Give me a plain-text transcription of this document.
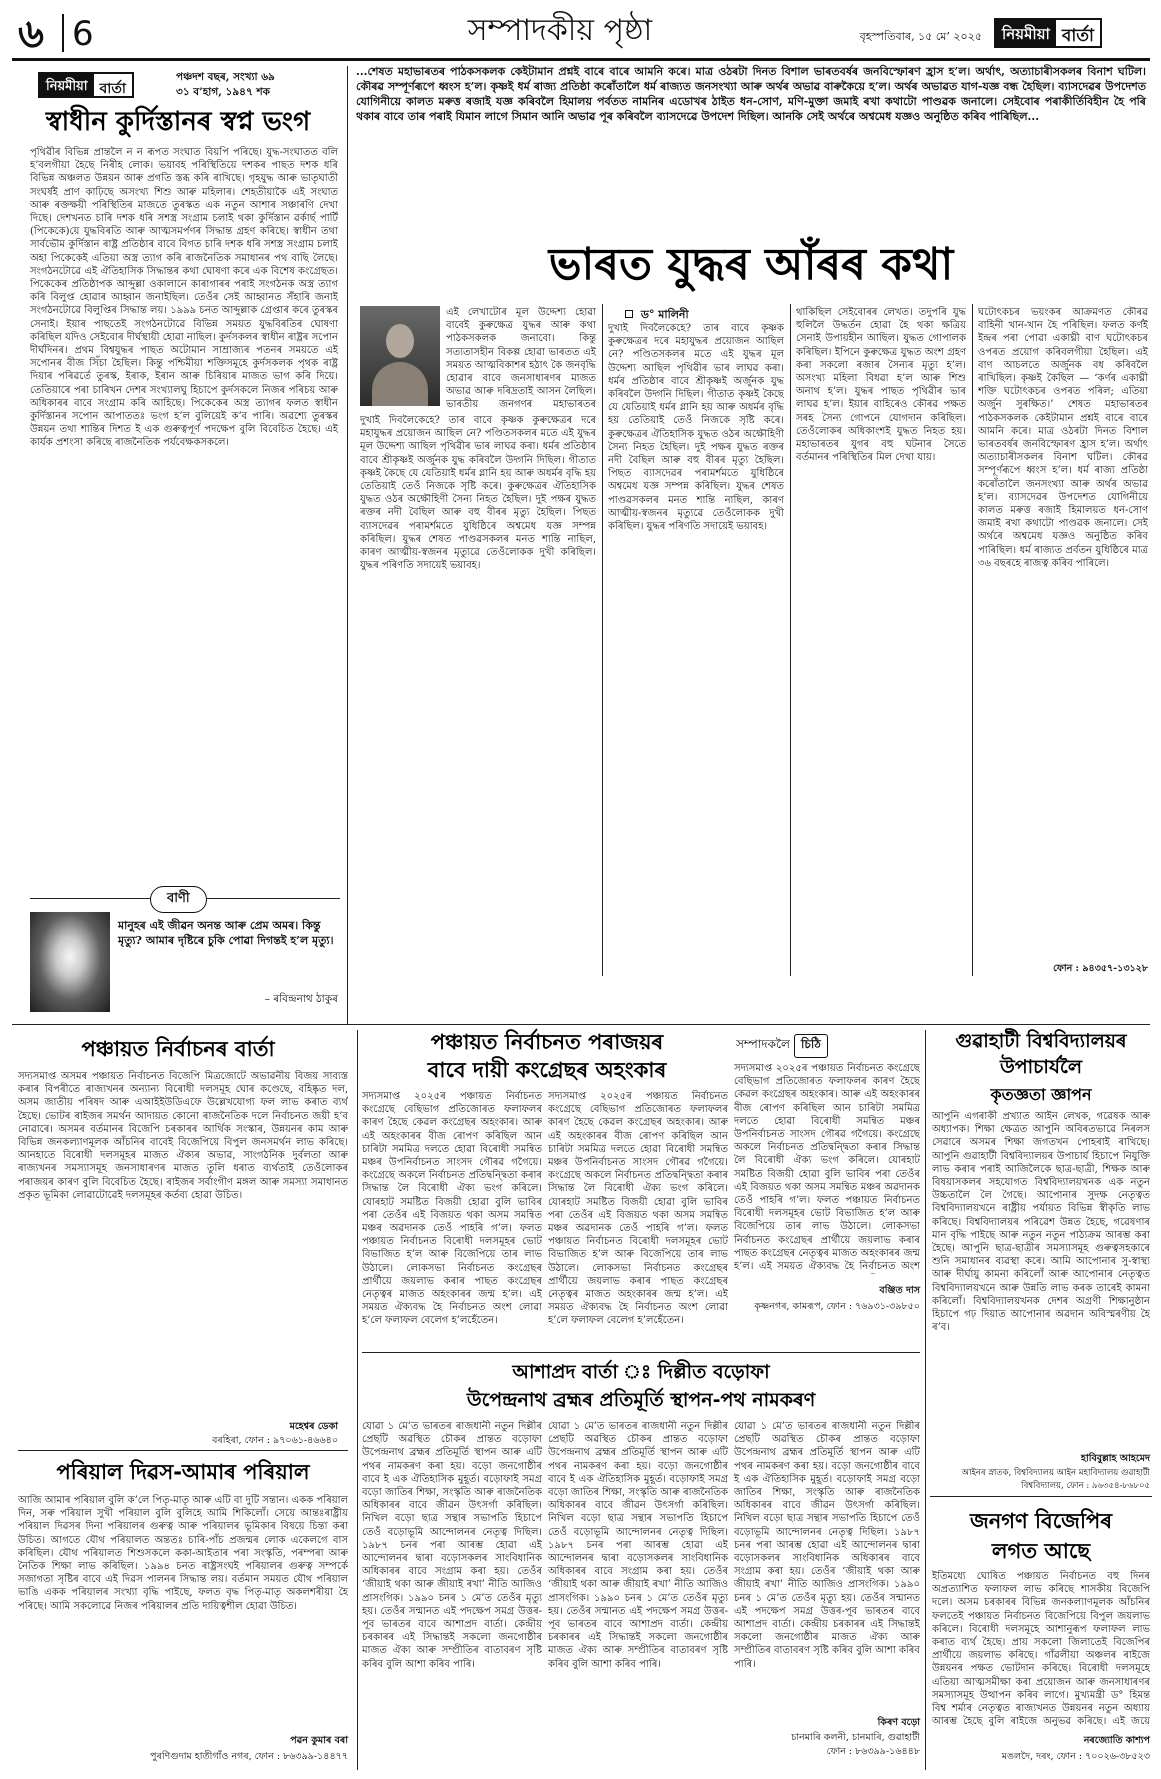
৬ 6	সম্পাদকীয় পৃষ্ঠা	বৃহস্পতিবাৰ, ১৫ মে’ ২০২৫	নিয়মীয়া বাৰ্তা
নিয়মীয়া বাৰ্তা
পঞ্চদশ বছৰ, সংখ্যা ৬৯
৩১ ব’হাগ, ১৯৪৭ শক
স্বাধীন কুৰ্দিস্তানৰ স্বপ্ন ভংগ
পৃথিৱীৰ বিভিন্ন প্ৰান্তলৈ ন ন ৰূপত সংঘাত বিয়পি পৰিছে। যুদ্ধ-সংঘাতত বলি হ’বলগীয়া হৈছে নিৰীহ লোক। ভয়াবহ পৰিস্থিতিয়ে দশকৰ পাছত দশক ধৰি বিভিন্ন অঞ্চলত উন্নয়ন আৰু প্ৰগতি স্তব্ধ কৰি ৰাখিছে। গৃহযুদ্ধ আৰু ভাতৃঘাতী সংঘৰ্ষই প্ৰাণ কাঢ়িছে অসংখ্য শিশু আৰু মহিলাৰ। শেহতীয়াকৈ এই সংঘাত আৰু ৰক্তক্ষয়ী পৰিস্থিতিৰ মাজতে তুৰস্কত এক নতুন আশাৰ সঞ্চাৰণি দেখা দিছে। দেশখনত চাৰি দশক ধৰি সশস্ত্ৰ সংগ্ৰাম চলাই থকা কুৰ্দিস্তান ৱৰ্কাৰ্ছ পাৰ্টি (পিকেকে)য়ে যুদ্ধবিৰতি আৰু আত্মসমৰ্পণৰ সিদ্ধান্ত গ্ৰহণ কৰিছে। স্বাধীন তথা সাৰ্বভৌম কুৰ্দিস্তান ৰাষ্ট্ৰ প্ৰতিষ্ঠাৰ বাবে বিগত চাৰি দশক ধৰি সশস্ত্ৰ সংগ্ৰাম চলাই অহা পিকেকেই এতিয়া অস্ত্ৰ ত্যাগ কৰি ৰাজনৈতিক সমাধানৰ পথ বাছি লৈছে। সংগঠনটোৱে এই ঐতিহাসিক সিদ্ধান্তৰ কথা ঘোষণা কৰে এক বিশেষ কংগ্ৰেছত। পিকেকেৰ প্ৰতিষ্ঠাপক আব্দুল্লা ওকালানে কাৰাগাৰৰ পৰাই সংগঠনক অস্ত্ৰ ত্যাগ কৰি বিলুপ্ত হোৱাৰ আহ্বান জনাইছিল। তেওঁৰ সেই আহ্বানত সঁহাৰি জনাই সংগঠনটোৱে বিলুপ্তিৰ সিদ্ধান্ত লয়। ১৯৯৯ চনত আব্দুল্লাক গ্ৰেপ্তাৰ কৰে তুৰস্কৰ সেনাই। ইয়াৰ পাছতেই সংগঠনটোৱে বিভিন্ন সময়ত যুদ্ধবিৰতিৰ ঘোষণা কৰিছিল যদিও সেইবোৰ দীৰ্ঘস্থায়ী হোৱা নাছিল। কুৰ্দসকলৰ স্বাধীন ৰাষ্ট্ৰৰ সপোন দীৰ্ঘদিনৰ। প্ৰথম বিশ্বযুদ্ধৰ পাছত অটোমান সাম্ৰাজ্যৰ পতনৰ সময়তে এই সপোনৰ বীজ সিঁচা হৈছিল। কিন্তু পশ্চিমীয়া শক্তিসমূহে কুৰ্দসকলক পৃথক ৰাষ্ট্ৰ দিয়াৰ পৰিৱৰ্তে তুৰস্ক, ইৰাক, ইৰান আৰু চিৰিয়াৰ মাজত ভাগ কৰি দিয়ে। তেতিয়াৰে পৰা চাৰিখন দেশৰ সংখ্যালঘু হিচাপে কুৰ্দসকলে নিজৰ পৰিচয় আৰু অধিকাৰৰ বাবে সংগ্ৰাম কৰি আহিছে। পিকেকেৰ অস্ত্ৰ ত্যাগৰ ফলত স্বাধীন কুৰ্দিস্তানৰ সপোন আপাততঃ ভংগ হ’ল বুলিয়েই ক’ব পাৰি। অৱশ্যে তুৰস্কৰ উন্নয়ন তথা শান্তিৰ দিশত ই এক গুৰুত্বপূৰ্ণ পদক্ষেপ বুলি বিবেচিত হৈছে। এই কাৰ্যক প্ৰশংসা কৰিছে ৰাজনৈতিক পৰ্যবেক্ষকসকলে।
বাণী
মানুহৰ এই জীৱন অনন্ত আৰু প্ৰেম অমৰ। কিন্তু মৃত্যু? আমাৰ দৃষ্টিৰে চুকি পোৱা দিগন্তই হ’ল মৃত্যু।
– ৰবিন্দ্ৰনাথ ঠাকুৰ
...শেষত মহাভাৰতৰ পাঠকসকলক কেইটামান প্ৰশ্নই বাৰে বাৰে আমনি কৰে। মাত্ৰ ওঠৰটা দিনত বিশাল ভাৰতবৰ্ষৰ জনবিস্ফোৰণ হ্ৰাস হ’ল। অৰ্থাৎ, অত্যাচাৰীসকলৰ বিনাশ ঘটিল। কৌৰৱ সম্পূৰ্ণৰূপে ধ্বংস হ’ল। কৃষ্ণই ধৰ্ম ৰাজ্য প্ৰতিষ্ঠা কৰোঁতালৈ ধৰ্ম ৰাজ্যত জনসংখ্যা আৰু অৰ্থৰ অভাৱ বাৰুকৈয়ে হ’ল। অৰ্থৰ অভাৱত যাগ-যজ্ঞ বন্ধ হৈছিল। ব্যাসদেৱৰ উপদেশত যোগিনীয়ে কালত মৰুত্ত ৰজাই যজ্ঞ কৰিবলৈ হিমালয় পৰ্বতত নামনিৰ এডোখৰ ঠাইত ধন-সোণ, মণি-মুক্তা জমাই ৰখা কথাটো পাণ্ডৱক জনালে। সেইবোৰ পৰাকীৰ্তিবিহীন হৈ পৰি থকাৰ বাবে তাৰ পৰাই যিমান লাগে সিমান আনি অভাৱ পূৰ কৰিবলৈ ব্যাসদেৱে উপদেশ দিছিল। আনকি সেই অৰ্থৰে অশ্বমেধ যজ্ঞও অনুষ্ঠিত কৰিব পাৰিছিল...
ভাৰত যুদ্ধৰ আঁৰৰ কথা
ড° মালিনী
এই লেখাটোৰ মূল উদ্দেশ্য হোৱা বাবেই কুৰুক্ষেত্ৰ যুদ্ধৰ আৰু কথা পাঠকসকলক জনাবো। কিন্তু সত্যতাসহীন বিকল্প হোৱা ভাৰতত এই সময়ত আত্মবিকাশৰ হঠাৎ কৈ জনবৃদ্ধি হোৱাৰ বাবে জনসাধাৰণৰ মাজত অভাৱ আৰু দৰিদ্ৰতাই আসন লৈছিল। ভাৰতীয় জনগণৰ মহাভাৰতৰ
দুখাই দিবলৈকেহে? তাৰ বাবে কৃষ্ণক কুৰুক্ষেত্ৰৰ দৰে মহাযুদ্ধৰ প্ৰয়োজন আছিল নে? পণ্ডিতসকলৰ মতে এই যুদ্ধৰ মূল উদ্দেশ্য আছিল পৃথিৱীৰ ভাৰ লাঘৱ কৰা। ধৰ্মৰ প্ৰতিষ্ঠাৰ বাবে শ্ৰীকৃষ্ণই অৰ্জুনক যুদ্ধ কৰিবলৈ উদ্গনি দিছিল। গীতাত কৃষ্ণই কৈছে যে যেতিয়াই ধৰ্মৰ গ্লানি হয় আৰু অধৰ্মৰ বৃদ্ধি হয় তেতিয়াই তেওঁ নিজকে সৃষ্টি কৰে। কুৰুক্ষেত্ৰৰ ঐতিহাসিক যুদ্ধত ওঠৰ অক্ষৌহিণী সৈন্য নিহত হৈছিল। দুই পক্ষৰ যুদ্ধত ৰক্তৰ নদী বৈছিল আৰু বহু বীৰৰ মৃত্যু হৈছিল। পিছত ব্যাসদেৱৰ পৰামৰ্শমতে যুধিষ্ঠিৰে অশ্বমেধ যজ্ঞ সম্পন্ন কৰিছিল। যুদ্ধৰ শেষত পাণ্ডৱসকলৰ মনত শান্তি নাছিল, কাৰণ আত্মীয়-স্বজনৰ মৃত্যুৱে তেওঁলোকক দুখী কৰিছিল। যুদ্ধৰ পৰিণতি সদায়েই ভয়াবহ।
দুখাই দিবলৈকেহে? তাৰ বাবে কৃষ্ণক কুৰুক্ষেত্ৰৰ দৰে মহাযুদ্ধৰ প্ৰয়োজন আছিল নে? পণ্ডিতসকলৰ মতে এই যুদ্ধৰ মূল উদ্দেশ্য আছিল পৃথিৱীৰ ভাৰ লাঘৱ কৰা। ধৰ্মৰ প্ৰতিষ্ঠাৰ বাবে শ্ৰীকৃষ্ণই অৰ্জুনক যুদ্ধ কৰিবলৈ উদ্গনি দিছিল। গীতাত কৃষ্ণই কৈছে যে যেতিয়াই ধৰ্মৰ গ্লানি হয় আৰু অধৰ্মৰ বৃদ্ধি হয় তেতিয়াই তেওঁ নিজকে সৃষ্টি কৰে। কুৰুক্ষেত্ৰৰ ঐতিহাসিক যুদ্ধত ওঠৰ অক্ষৌহিণী সৈন্য নিহত হৈছিল। দুই পক্ষৰ যুদ্ধত ৰক্তৰ নদী বৈছিল আৰু বহু বীৰৰ মৃত্যু হৈছিল। পিছত ব্যাসদেৱৰ পৰামৰ্শমতে যুধিষ্ঠিৰে অশ্বমেধ যজ্ঞ সম্পন্ন কৰিছিল। যুদ্ধৰ শেষত পাণ্ডৱসকলৰ মনত শান্তি নাছিল, কাৰণ আত্মীয়-স্বজনৰ মৃত্যুৱে তেওঁলোকক দুখী কৰিছিল। যুদ্ধৰ পৰিণতি সদায়েই ভয়াবহ।
থাকিছিল সেইবোৰৰ লেখত। তদুপৰি যুদ্ধ হুলিলৈ উদ্ধৰ্তন হোৱা হৈ থকা ক্ষত্ৰিয় সেনাই উপায়হীন আছিল। যুদ্ধত গোপালক কৰিছিল। ইপিনে কুৰুক্ষেত্ৰ যুদ্ধত অংশ গ্ৰহণ কৰা সকলো ৰজাৰ সৈন্যৰ মৃত্যু হ’ল। অসংখ্য মহিলা বিধৱা হ’ল আৰু শিশু অনাথ হ’ল। যুদ্ধৰ পাছত পৃথিৱীৰ ভাৰ লাঘৱ হ’ল। ইয়াৰ বাহিৰেও কৌৰৱ পক্ষত সৰহ সৈন্য গোপনে যোগদান কৰিছিল। তেওঁলোকৰ অধিকাংশই যুদ্ধত নিহত হয়। মহাভাৰতৰ যুগৰ বহু ঘটনাৰ সৈতে বৰ্তমানৰ পৰিস্থিতিৰ মিল দেখা যায়।
ঘটোৎকচৰ ভয়ংকৰ আক্ৰমণত কৌৰৱ বাহিনী খান-খান হৈ পৰিছিল। ফলত কৰ্ণই ইন্দ্ৰৰ পৰা পোৱা একাঘ্নী বাণ ঘটোৎকচৰ ওপৰত প্ৰয়োগ কৰিবলগীয়া হৈছিল। এই বাণ আচলতে অৰ্জুনক বধ কৰিবলৈ ৰাখিছিল। কৃষ্ণই কৈছিল — ‘কৰ্ণৰ একাঘ্নী শক্তি ঘটোৎকচৰ ওপৰত পৰিল; এতিয়া অৰ্জুন সুৰক্ষিত।’ শেষত মহাভাৰতৰ পাঠকসকলক কেইটামান প্ৰশ্নই বাৰে বাৰে আমনি কৰে। মাত্ৰ ওঠৰটা দিনত বিশাল ভাৰতবৰ্ষৰ জনবিস্ফোৰণ হ্ৰাস হ’ল। অৰ্থাৎ অত্যাচাৰীসকলৰ বিনাশ ঘটিল। কৌৰৱ সম্পূৰ্ণৰূপে ধ্বংস হ’ল। ধৰ্ম ৰাজ্য প্ৰতিষ্ঠা কৰোঁতালৈ জনসংখ্যা আৰু অৰ্থৰ অভাৱ হ’ল। ব্যাসদেৱৰ উপদেশত যোগিনীয়ে কালত মৰুত্ত ৰজাই হিমালয়ত ধন-সোণ জমাই ৰখা কথাটো পাণ্ডৱক জনালে। সেই অৰ্থৰে অশ্বমেধ যজ্ঞও অনুষ্ঠিত কৰিব পাৰিছিল। ধৰ্ম ৰাজ্যত প্ৰৰ্বতন যুধিষ্ঠিৰে মাত্ৰ ৩৬ বছৰহে ৰাজত্ব কৰিব পাৰিলে।
ফোন : ৯৪৩৫৭-১৩১২৮
পঞ্চায়ত নিৰ্বাচনৰ বাৰ্তা
সদ্যসমাপ্ত অসমৰ পঞ্চায়ত নিৰ্বাচনত বিজেপি মিত্ৰজোটে অভাৱনীয় বিজয় সাব্যস্ত কৰাৰ বিপৰীতে ৰাজ্যখনৰ অন্যান্য বিৰোধী দলসমূহ ঘোৰ কণ্ডেছে, বহিষ্কৃত দল, অসম জাতীয় পৰিষদ আৰু এআইইউডিএফে উল্লেখযোগ্য ফল লাভ কৰাত ব্যৰ্থ হৈছে। ভোটৰ ৰাইজৰ সমৰ্থন আদায়ত কোনো ৰাজনৈতিক দলে নিৰ্বাচনত জয়ী হ’ব নোৱাৰে। অসমৰ বৰ্তমানৰ বিজেপি চৰকাৰৰ আৰ্থিক সংস্কাৰ, উন্নয়নৰ কাম আৰু বিভিন্ন জনকল্যাণমূলক আঁচনিৰ বাবেই বিজেপিয়ে বিপুল জনসমৰ্থন লাভ কৰিছে। আনহাতে বিৰোধী দলসমূহৰ মাজত ঐক্যৰ অভাৱ, সাংগঠনিক দুৰ্বলতা আৰু ৰাজ্যখনৰ সমস্যাসমূহ জনসাধাৰণৰ মাজত তুলি ধৰাত ব্যৰ্থতাই তেওঁলোকৰ পৰাজয়ৰ কাৰণ বুলি বিবেচিত হৈছে। ৰাইজৰ সৰ্বাংগীণ মঙ্গল আৰু সমস্যা সমাধানত প্ৰকৃত ভূমিকা লোৱাটোৱেই দলসমূহৰ কৰ্তব্য হোৱা উচিত।
মহেশ্বৰ ডেকা
বৰহিৰা, ফোন : ৯৭০৬১-৪৬৬৪০
পৰিয়াল দিৱস-আমাৰ পৰিয়াল
আজি আমাৰ পৰিয়াল বুলি ক’লে পিতৃ-মাতৃ আৰু এটি বা দুটি সন্তান। একক পৰিয়াল দিন, সৰু পৰিয়াল সুখী পৰিয়াল বুলি বুলিহে আমি শিকিলোঁ। সেয়ে আন্তঃৰাষ্ট্ৰীয় পৰিয়াল দিৱসৰ দিনা পৰিয়ালৰ গুৰুত্ব আৰু পৰিয়ালৰ ভূমিকাৰ বিষয়ে চিন্তা কৰা উচিত। আগতে যৌথ পৰিয়ালত অন্ততঃ চাৰি-পাঁচ প্ৰজন্মৰ লোক একেলগে বাস কৰিছিল। যৌথ পৰিয়ালত শিশুসকলে ককা-আইতাৰ পৰা সংস্কৃতি, পৰম্পৰা আৰু নৈতিক শিক্ষা লাভ কৰিছিল। ১৯৯৪ চনত ৰাষ্ট্ৰসংঘই পৰিয়ালৰ গুৰুত্ব সম্পৰ্কে সজাগতা সৃষ্টিৰ বাবে এই দিৱস পালনৰ সিদ্ধান্ত লয়। বৰ্তমান সময়ত যৌথ পৰিয়াল ভাঙি একক পৰিয়ালৰ সংখ্যা বৃদ্ধি পাইছে, ফলত বৃদ্ধ পিতৃ-মাতৃ অকলশৰীয়া হৈ পৰিছে। আমি সকলোৱে নিজৰ পৰিয়ালৰ প্ৰতি দায়িত্বশীল হোৱা উচিত।
পৱন কুমাৰ বৰা
পুৰণিগুদাম হাতীগাঁও নগৰ, ফোন : ৮৬৩৯৯-১৪৪৭৭
পঞ্চায়ত নিৰ্বাচনত পৰাজয়ৰ
বাবে দায়ী কংগ্ৰেছৰ অহংকাৰ
সদ্যসমাপ্ত ২০২৫ৰ পঞ্চায়ত নিৰ্বাচনত কংগ্ৰেছে বেছিভাগ প্ৰতিজোৰত ফলাফলৰ কাৰণ হৈছে কেৱল কংগ্ৰেছৰ অহংকাৰ। আৰু এই অহংকাৰৰ বীজ ৰোপণ কৰিছিল আন চাৰিটা সমমিত্ৰ দলতে হোৱা বিৰোধী সমন্বিত মঞ্চৰ উপনিৰ্বাচনত সাংসদ গৌৰৱ গগৈয়ে। কংগ্ৰেছে অকলে নিৰ্বাচনত প্ৰতিদ্বন্দ্বিতা কৰাৰ সিদ্ধান্ত লৈ বিৰোধী ঐক্য ভংগ কৰিলে। যোৰহাট সমষ্টিত বিজয়ী হোৱা বুলি ভাবিৰ পৰা তেওঁৰ এই বিজয়ত থকা অসম সমন্বিত মঞ্চৰ অৱদানক তেওঁ পাহৰি গ’ল। ফলত পঞ্চায়ত নিৰ্বাচনত বিৰোধী দলসমূহৰ ভোট বিভাজিত হ’ল আৰু বিজেপিয়ে তাৰ লাভ উঠালে। লোকসভা নিৰ্বাচনত কংগ্ৰেছৰ প্ৰাৰ্থীয়ে জয়লাভ কৰাৰ পাছত কংগ্ৰেছৰ নেতৃত্বৰ মাজত অহংকাৰৰ জন্ম হ’ল। এই সময়ত ঐক্যবদ্ধ হৈ নিৰ্বাচনত অংশ লোৱা হ’লে ফলাফল বেলেগ হ’লহেঁতেন।
সদ্যসমাপ্ত ২০২৫ৰ পঞ্চায়ত নিৰ্বাচনত কংগ্ৰেছে বেছিভাগ প্ৰতিজোৰত ফলাফলৰ কাৰণ হৈছে কেৱল কংগ্ৰেছৰ অহংকাৰ। আৰু এই অহংকাৰৰ বীজ ৰোপণ কৰিছিল আন চাৰিটা সমমিত্ৰ দলতে হোৱা বিৰোধী সমন্বিত মঞ্চৰ উপনিৰ্বাচনত সাংসদ গৌৰৱ গগৈয়ে। কংগ্ৰেছে অকলে নিৰ্বাচনত প্ৰতিদ্বন্দ্বিতা কৰাৰ সিদ্ধান্ত লৈ বিৰোধী ঐক্য ভংগ কৰিলে। যোৰহাট সমষ্টিত বিজয়ী হোৱা বুলি ভাবিৰ পৰা তেওঁৰ এই বিজয়ত থকা অসম সমন্বিত মঞ্চৰ অৱদানক তেওঁ পাহৰি গ’ল। ফলত পঞ্চায়ত নিৰ্বাচনত বিৰোধী দলসমূহৰ ভোট বিভাজিত হ’ল আৰু বিজেপিয়ে তাৰ লাভ উঠালে। লোকসভা নিৰ্বাচনত কংগ্ৰেছৰ প্ৰাৰ্থীয়ে জয়লাভ কৰাৰ পাছত কংগ্ৰেছৰ নেতৃত্বৰ মাজত অহংকাৰৰ জন্ম হ’ল। এই সময়ত ঐক্যবদ্ধ হৈ নিৰ্বাচনত অংশ লোৱা হ’লে ফলাফল বেলেগ হ’লহেঁতেন।
সদ্যসমাপ্ত ২০২৫ৰ পঞ্চায়ত নিৰ্বাচনত কংগ্ৰেছে বেছিভাগ প্ৰতিজোৰত ফলাফলৰ কাৰণ হৈছে কেৱল কংগ্ৰেছৰ অহংকাৰ। আৰু এই অহংকাৰৰ বীজ ৰোপণ কৰিছিল আন চাৰিটা সমমিত্ৰ দলতে হোৱা বিৰোধী সমন্বিত মঞ্চৰ উপনিৰ্বাচনত সাংসদ গৌৰৱ গগৈয়ে। কংগ্ৰেছে অকলে নিৰ্বাচনত প্ৰতিদ্বন্দ্বিতা কৰাৰ সিদ্ধান্ত লৈ বিৰোধী ঐক্য ভংগ কৰিলে। যোৰহাট সমষ্টিত বিজয়ী হোৱা বুলি ভাবিৰ পৰা তেওঁৰ এই বিজয়ত থকা অসম সমন্বিত মঞ্চৰ অৱদানক তেওঁ পাহৰি গ’ল। ফলত পঞ্চায়ত নিৰ্বাচনত বিৰোধী দলসমূহৰ ভোট বিভাজিত হ’ল আৰু বিজেপিয়ে তাৰ লাভ উঠালে। লোকসভা নিৰ্বাচনত কংগ্ৰেছৰ প্ৰাৰ্থীয়ে জয়লাভ কৰাৰ পাছত কংগ্ৰেছৰ নেতৃত্বৰ মাজত অহংকাৰৰ জন্ম হ’ল। এই সময়ত ঐক্যবদ্ধ হৈ নিৰ্বাচনত অংশ
সম্পাদকলৈ চিঠি
বঞ্জিত দাস
কৃষ্ণনগৰ, কামৰূপ, ফোন : ৭৬৯৩১-৩৯৮৫০
আশাপ্ৰদ বাৰ্তা ঃ দিল্লীত বড়োফা
উপেন্দ্ৰনাথ ব্ৰহ্মৰ প্ৰতিমূৰ্তি স্থাপন-পথ নামকৰণ
যোৱা ১ মে’ত ভাৰতৰ ৰাজধানী নতুন দিল্লীৰ প্ৰেছটি অৱস্থিত চৌকৰ প্ৰান্তত বড়োফা উপেন্দ্ৰনাথ ব্ৰহ্মৰ প্ৰতিমূৰ্তি স্থাপন আৰু এটি পথৰ নামকৰণ কৰা হয়। বড়ো জনগোষ্ঠীৰ বাবে ই এক ঐতিহাসিক মুহূৰ্ত। বড়োফাই সমগ্ৰ বড়ো জাতিৰ শিক্ষা, সংস্কৃতি আৰু ৰাজনৈতিক অধিকাৰৰ বাবে জীৱন উৎসৰ্গা কৰিছিল। নিখিল বড়ো ছাত্ৰ সন্থাৰ সভাপতি হিচাপে তেওঁ বড়োভূমি আন্দোলনৰ নেতৃত্ব দিছিল। ১৯৮৭ চনৰ পৰা আৰম্ভ হোৱা এই আন্দোলনৰ দ্বাৰা বড়োসকলৰ সাংবিধানিক অধিকাৰৰ বাবে সংগ্ৰাম কৰা হয়। তেওঁৰ ‘জীয়াই থকা আৰু জীয়াই ৰখা’ নীতি আজিও প্ৰাসংগিক। ১৯৯০ চনৰ ১ মে’ত তেওঁৰ মৃত্যু হয়। তেওঁৰ সন্মানত এই পদক্ষেপ সমগ্ৰ উত্তৰ-পূব ভাৰতৰ বাবে আশাপ্ৰদ বাৰ্তা। কেন্দ্ৰীয় চৰকাৰৰ এই সিদ্ধান্তই সকলো জনগোষ্ঠীৰ মাজত ঐক্য আৰু সম্প্ৰীতিৰ বাতাবৰণ সৃষ্টি কৰিব বুলি আশা কৰিব পাৰি।
যোৱা ১ মে’ত ভাৰতৰ ৰাজধানী নতুন দিল্লীৰ প্ৰেছটি অৱস্থিত চৌকৰ প্ৰান্তত বড়োফা উপেন্দ্ৰনাথ ব্ৰহ্মৰ প্ৰতিমূৰ্তি স্থাপন আৰু এটি পথৰ নামকৰণ কৰা হয়। বড়ো জনগোষ্ঠীৰ বাবে ই এক ঐতিহাসিক মুহূৰ্ত। বড়োফাই সমগ্ৰ বড়ো জাতিৰ শিক্ষা, সংস্কৃতি আৰু ৰাজনৈতিক অধিকাৰৰ বাবে জীৱন উৎসৰ্গা কৰিছিল। নিখিল বড়ো ছাত্ৰ সন্থাৰ সভাপতি হিচাপে তেওঁ বড়োভূমি আন্দোলনৰ নেতৃত্ব দিছিল। ১৯৮৭ চনৰ পৰা আৰম্ভ হোৱা এই আন্দোলনৰ দ্বাৰা বড়োসকলৰ সাংবিধানিক অধিকাৰৰ বাবে সংগ্ৰাম কৰা হয়। তেওঁৰ ‘জীয়াই থকা আৰু জীয়াই ৰখা’ নীতি আজিও প্ৰাসংগিক। ১৯৯০ চনৰ ১ মে’ত তেওঁৰ মৃত্যু হয়। তেওঁৰ সন্মানত এই পদক্ষেপ সমগ্ৰ উত্তৰ-পূব ভাৰতৰ বাবে আশাপ্ৰদ বাৰ্তা। কেন্দ্ৰীয় চৰকাৰৰ এই সিদ্ধান্তই সকলো জনগোষ্ঠীৰ মাজত ঐক্য আৰু সম্প্ৰীতিৰ বাতাবৰণ সৃষ্টি কৰিব বুলি আশা কৰিব পাৰি।
যোৱা ১ মে’ত ভাৰতৰ ৰাজধানী নতুন দিল্লীৰ প্ৰেছটি অৱস্থিত চৌকৰ প্ৰান্তত বড়োফা উপেন্দ্ৰনাথ ব্ৰহ্মৰ প্ৰতিমূৰ্তি স্থাপন আৰু এটি পথৰ নামকৰণ কৰা হয়। বড়ো জনগোষ্ঠীৰ বাবে ই এক ঐতিহাসিক মুহূৰ্ত। বড়োফাই সমগ্ৰ বড়ো জাতিৰ শিক্ষা, সংস্কৃতি আৰু ৰাজনৈতিক অধিকাৰৰ বাবে জীৱন উৎসৰ্গা কৰিছিল। নিখিল বড়ো ছাত্ৰ সন্থাৰ সভাপতি হিচাপে তেওঁ বড়োভূমি আন্দোলনৰ নেতৃত্ব দিছিল। ১৯৮৭ চনৰ পৰা আৰম্ভ হোৱা এই আন্দোলনৰ দ্বাৰা বড়োসকলৰ সাংবিধানিক অধিকাৰৰ বাবে সংগ্ৰাম কৰা হয়। তেওঁৰ ‘জীয়াই থকা আৰু জীয়াই ৰখা’ নীতি আজিও প্ৰাসংগিক। ১৯৯০ চনৰ ১ মে’ত তেওঁৰ মৃত্যু হয়। তেওঁৰ সন্মানত এই পদক্ষেপ সমগ্ৰ উত্তৰ-পূব ভাৰতৰ বাবে আশাপ্ৰদ বাৰ্তা। কেন্দ্ৰীয় চৰকাৰৰ এই সিদ্ধান্তই সকলো জনগোষ্ঠীৰ মাজত ঐক্য আৰু সম্প্ৰীতিৰ বাতাবৰণ সৃষ্টি কৰিব বুলি আশা কৰিব পাৰি।
কিৰণ বড়ো
চানমাৰি কলনী, চানমাৰি, গুৱাহাটী
ফোন : ৮৬৩৯৯-১৬৪৪৮
গুৱাহাটী বিশ্ববিদ্যালয়ৰ
উপাচাৰ্যলৈ
কৃতজ্ঞতা জ্ঞাপন
আপুনি এগৰাকী প্ৰখ্যাত আইন লেখক, গৱেষক আৰু অধ্যাপক। শিক্ষা ক্ষেত্ৰত আপুনি অবিৰতভাৱে নিৰলস সেৱাৰে অসমৰ শিক্ষা জগতখন পোহৰাই ৰাখিছে। আপুনি গুৱাহাটী বিশ্ববিদ্যালয়ৰ উপাচাৰ্য হিচাপে নিযুক্তি লাভ কৰাৰ পৰাই আজিলৈকে ছাত্ৰ-ছাত্ৰী, শিক্ষক আৰু বিষয়াসকলৰ সহযোগত বিশ্ববিদ্যালয়খনক এক নতুন উচ্চতালৈ লৈ গৈছে। আপোনাৰ সুদক্ষ নেতৃত্বত বিশ্ববিদ্যালয়খনে ৰাষ্ট্ৰীয় পৰ্যায়ত বিভিন্ন স্বীকৃতি লাভ কৰিছে। বিশ্ববিদ্যালয়ৰ পৰিৱেশ উন্নত হৈছে, গৱেষণাৰ মান বৃদ্ধি পাইছে আৰু নতুন নতুন পাঠ্যক্ৰম আৰম্ভ কৰা হৈছে। আপুনি ছাত্ৰ-ছাত্ৰীৰ সমস্যাসমূহ গুৰুত্বসহকাৰে শুনি সমাধানৰ ব্যৱস্থা কৰে। আমি আপোনাৰ সু-স্বাস্থ্য আৰু দীৰ্ঘায়ু কামনা কৰিলোঁ আৰু আপোনাৰ নেতৃত্বত বিশ্ববিদ্যালয়খনে আৰু উন্নতি লাভ কৰক তাৰেই কামনা কৰিলোঁ। বিশ্ববিদ্যালয়খনক দেশৰ অগ্ৰণী শিক্ষানুষ্ঠান হিচাপে গঢ় দিয়াত আপোনাৰ অৱদান অবিস্মৰণীয় হৈ ৰ’ব।
হাবিবুল্লাহ আহমেদ
আইনৰ স্নাতক, বিশ্ববিদ্যালয় আইন মহাবিদ্যালয় গুৱাহাটী
বিশ্ববিদ্যালয়, ফোন : ৯৬৩৫৪-৮৬৮০৫
জনগণ বিজেপিৰ
লগত আছে
ইতিমধ্যে ঘোষিত পঞ্চায়ত নিৰ্বাচনত বহু দিনৰ অপ্ৰত্যাশিত ফলাফল লাভ কৰিছে শাসকীয় বিজেপি দলে। অসম চৰকাৰৰ বিভিন্ন জনকল্যাণমূলক আঁচনিৰ ফলতেই পঞ্চায়ত নিৰ্বাচনত বিজেপিয়ে বিপুল জয়লাভ কৰিলে। বিৰোধী দলসমূহে আশানুৰূপ ফলাফল লাভ কৰাত ব্যৰ্থ হৈছে। প্ৰায় সকলো জিলাতেই বিজেপিৰ প্ৰাৰ্থীয়ে জয়লাভ কৰিছে। গাঁৱলীয়া অঞ্চলৰ ৰাইজে উন্নয়নৰ পক্ষত ভোটদান কৰিছে। বিৰোধী দলসমূহে এতিয়া আত্মসমীক্ষা কৰা প্ৰয়োজন আৰু জনসাধাৰণৰ সমস্যাসমূহ উত্থাপন কৰিব লাগে। মুখ্যমন্ত্ৰী ড° হিমন্ত বিশ্ব শৰ্মাৰ নেতৃত্বত ৰাজ্যখনত উন্নয়নৰ নতুন অধ্যায় আৰম্ভ হৈছে বুলি ৰাইজে অনুভৱ কৰিছে। এই জয়ে
নৰজ্যোতি কাশ্যপ
মঙলদৈ, দৰং, ফোন : ৭০০২৬-৩৮৫২৩
